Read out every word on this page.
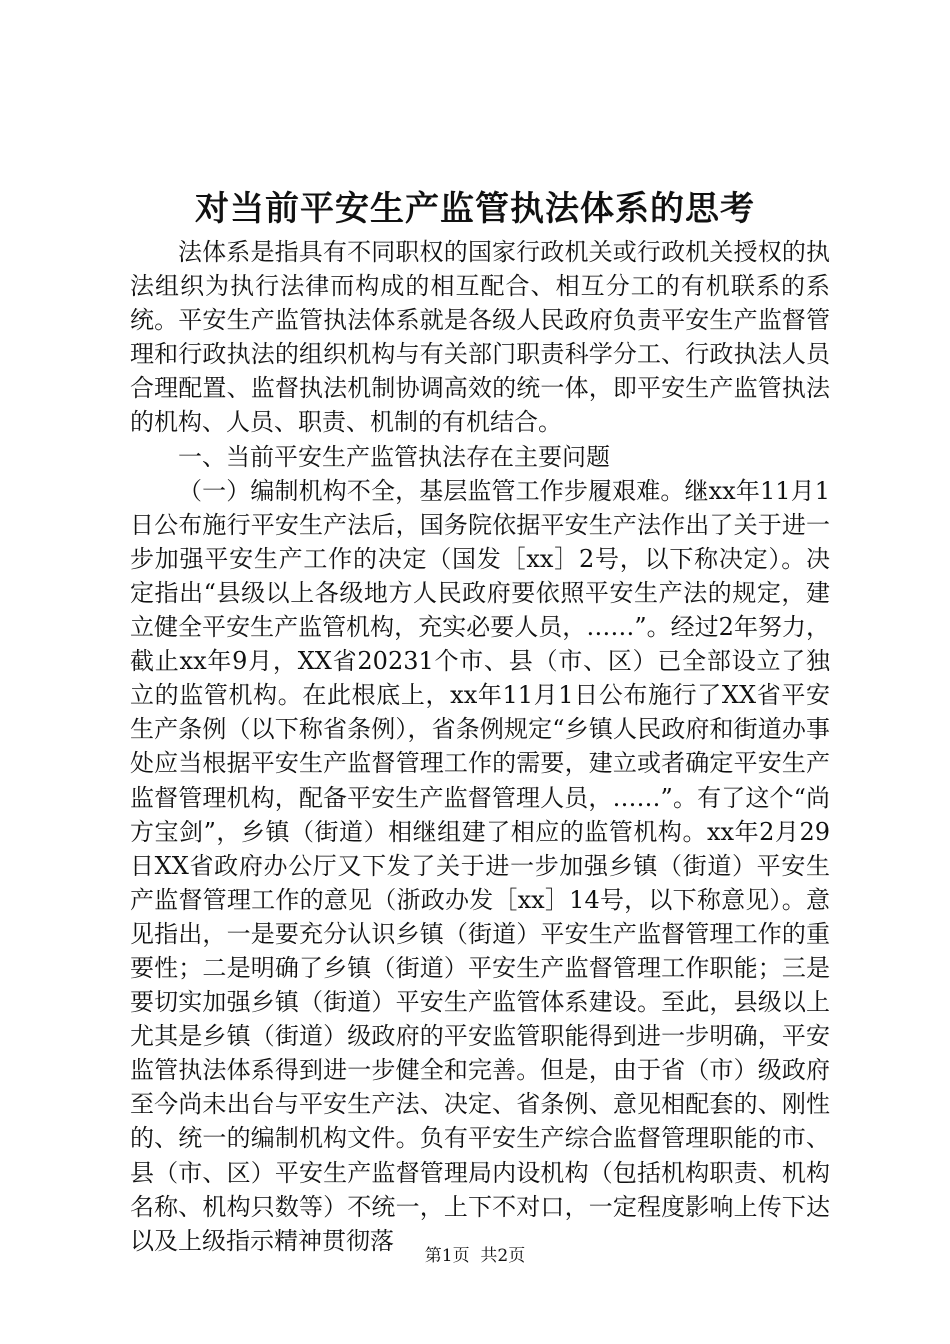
对当前平安生产监管执法体系的思考

法体系是指具有不同职权的国家行政机关或行政机关授权的执法组织为执行法律而构成的相互配合、相互分工的有机联系的系统。平安生产监管执法体系就是各级人民政府负责平安生产监督管理和行政执法的组织机构与有关部门职责科学分工、行政执法人员合理配置、监督执法机制协调高效的统一体，即平安生产监管执法的机构、人员、职责、机制的有机结合。

一、当前平安生产监管执法存在主要问题

（一）编制机构不全，基层监管工作步履艰难。继xx年11月1日公布施行平安生产法后，国务院依据平安生产法作出了关于进一步加强平安生产工作的决定（国发［xx］2号，以下称决定）。决定指出“县级以上各级地方人民政府要依照平安生产法的规定，建立健全平安生产监管机构，充实必要人员，……”。经过2年努力，截止xx年9月，XX省20231个市、县（市、区）已全部设立了独立的监管机构。在此根底上，xx年11月1日公布施行了XX省平安生产条例（以下称省条例），省条例规定“乡镇人民政府和街道办事处应当根据平安生产监督管理工作的需要，建立或者确定平安生产监督管理机构，配备平安生产监督管理人员，……”。有了这个“尚方宝剑”，乡镇（街道）相继组建了相应的监管机构。xx年2月29日XX省政府办公厅又下发了关于进一步加强乡镇（街道）平安生产监督管理工作的意见（浙政办发［xx］14号，以下称意见）。意见指出，一是要充分认识乡镇（街道）平安生产监督管理工作的重要性；二是明确了乡镇（街道）平安生产监督管理工作职能；三是要切实加强乡镇（街道）平安生产监管体系建设。至此，县级以上尤其是乡镇（街道）级政府的平安监管职能得到进一步明确，平安监管执法体系得到进一步健全和完善。但是，由于省（市）级政府至今尚未出台与平安生产法、决定、省条例、意见相配套的、刚性的、统一的编制机构文件。负有平安生产综合监督管理职能的市、县（市、区）平安生产监督管理局内设机构（包括机构职责、机构名称、机构只数等）不统一，上下不对口，一定程度影响上传下达以及上级指示精神贯彻落

第1页 共2页
